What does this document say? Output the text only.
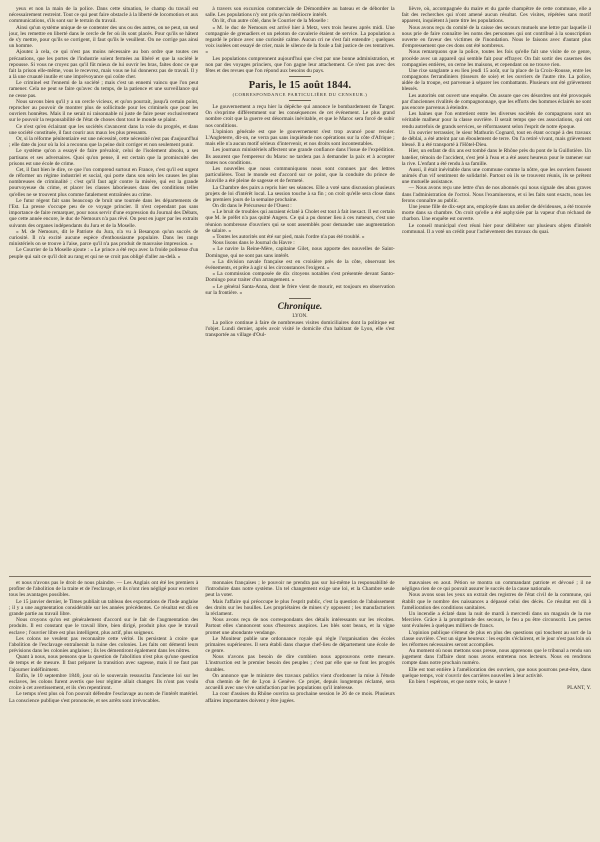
yeux et non la main de la police. Dans cette situation, le champ du travail est nécessairement restreint. Tout ce qui peut faire obstacle à la liberté de locomotion et aux communications, s'ils sont sur le terrain du travail.

Ainsi qu'un système unique de se contenter des uns ou des autres, on ne peut, un seul jour, les remettre en liberté dans le cercle de fer où ils sont placés. Pour qu'ils se hâtent de s'y mettre, pour qu'ils se corrigent, il faut qu'ils le veuillent. On ne corrige pas ainsi un homme.

Ajoutez à cela, ce qui n'est pas moins nécessaire au bon ordre que toutes ces précautions, que les portes de l'industrie soient fermées au libéré et que la société le repousse. Si vous ne croyez pas qu'il fût mieux de lui ouvrir les bras, faites donc ce que fait la prison elle-même, vous le recevrez, mais vous ne lui donnerez pas de travail. Il y a là une cruauté inutile et une imprévoyance qui coûte cher.

Le criminel est l'ennemi de la société ; mais c'est un ennemi vaincu que l'on peut ramener. Cela ne peut se faire qu'avec du temps, de la patience et une surveillance qui ne cesse pas.

Nous savons bien qu'il y a un cercle vicieux, et qu'on pourrait, jusqu'à certain point, reprocher au pouvoir de montrer plus de sollicitude pour les criminels que pour les ouvriers honnêtes. Mais il ne serait ni raisonnable ni juste de faire peser exclusivement sur le pouvoir la responsabilité de l'état de choses dont tout le monde se plaint.

Ce n'est qu'en éclairant que les sociétés s'avancent dans la voie du progrès, et dans une société constituée, il faut courir aux maux les plus pressants.

Or, si la réforme pénitentiaire est une nécessité, cette nécessité n'est pas d'aujourd'hui ; elle date du jour où la loi a reconnu que la peine doit corriger et non seulement punir.

Le système qu'on a essayé de faire prévaloir, celui de l'isolement absolu, a ses partisans et ses adversaires. Quoi qu'on pense, il est certain que la promiscuité des prisons est une école de crime.

Cet, il faut bien le dire, ce que l'on comprend surtout en France, c'est qu'il est urgent de réformer un régime industriel et social, qui porte dans son sein les causes les plus nombreuses de criminalité ; c'est qu'il faut agir contre la misère, qui est la grande pourvoyeuse du crime, et placer les classes laborieuses dans des conditions telles qu'elles ne se trouvent plus comme fatalement entraînées au crime.

Le futur régent fait sans beaucoup de bruit une tournée dans les départements de l'Est. La presse s'occupe peu de ce voyage princier. Il n'est cependant pas sans importance de faire remarquer, pour nous servir d'une expression du Journal des Débats, que cette année encore, le duc de Nemours n'a pas rêvé. On peut en juger par les extraits suivants des organes indépendants du Jura et de la Moselle.

« M. de Nemours, dit le Patriote du Jura, n'a vu à Besançon qu'un succès de curiosité. Il n'a excité aucune espèce d'enthousiasme populaire. Dans les rangs ministériels on se trouve à l'aise, parce qu'il n'a pas produit de mauvaise impression. »

Le Courrier de la Moselle ajoute : « Le prince a été reçu avec la froide politesse d'un peuple qui sait ce qu'il doit au rang et qui ne se croit pas obligé d'aller au-delà. »

à travers son excursion commerciale de Démonthère au bateau et de déborder la salle. Les populations n'y ont pris qu'un médiocre intérêt.

On lit, d'un autre côté, dans le Courrier de la Moselle :

« M. le duc de Nemours est arrivé hier à Metz, vers trois heures après midi. Une compagnie de grenadiers et un peloton de cavalerie étaient de service. La population a regardé le prince avec une curiosité calme. Aucun cri ne s'est fait entendre ; quelques voix isolées ont essayé de crier, mais le silence de la foule a fait justice de ces tentatives. »

Les populations comprennent aujourd'hui que c'est par une bonne administration, et non par des voyages princiers, que l'on gagne leur attachement. Ce n'est pas avec des fêtes et des revues que l'on répond aux besoins du pays.

Paris, le 15 août 1844.
(CORRESPONDANCE PARTICULIÈRE DU CENSEUR.)

Le gouvernement a reçu hier la dépêche qui annonce le bombardement de Tanger. On s'exprime différemment sur les conséquences de cet événement. Le plus grand nombre croit que la guerre est désormais inévitable, et que le Maroc sera forcé de subir nos conditions.

L'opinion générale est que le gouvernement s'est trop avancé pour reculer. L'Angleterre, dit-on, ne verra pas sans inquiétude nos opérations sur la côte d'Afrique ; mais elle n'a aucun motif sérieux d'intervenir, et nos droits sont incontestables.

Les journaux ministériels affectent une grande confiance dans l'issue de l'expédition. Ils assurent que l'empereur du Maroc ne tardera pas à demander la paix et à accepter toutes nos conditions.

Les nouvelles que nous communiquons nous sont connues par des lettres particulières. Tout le monde est d'accord sur ce point, que la conduite du prince de Joinville a été pleine de sagesse et de fermeté.

La Chambre des pairs a repris hier ses séances. Elle a voté sans discussion plusieurs projets de loi d'intérêt local. La session touche à sa fin ; on croit qu'elle sera close dans les premiers jours de la semaine prochaine.

On dit dans le Précurseur de l'Ouest :

« Le bruit de troubles qui auraient éclaté à Cholet est tout à fait inexact. Il est certain que M. le préfet n'a pas quitté Angers. Ce qui a pu donner lieu à ces rumeurs, c'est une réunion nombreuse d'ouvriers qui se sont assemblés pour demander une augmentation de salaire. »

« Toutes les autorités ont été sur pied, mais l'ordre n'a pas été troublé. »

Nous lisons dans le Journal du Havre :

« Le navire la Reine-Mère, capitaine Gilet, nous apporte des nouvelles de Saint-Domingue, qui ne sont pas sans intérêt.

« La division navale française est en croisière près de la côte, observant les événements, et prête à agir si les circonstances l'exigent. »

« La commission composée de dix citoyens notables s'est présentée devant Santo-Domingo pour traiter d'un arrangement. »

« Le général Santa-Anna, dont le frère vient de mourir, est toujours en observation sur la frontière. »

Chronique.
LYON.

La police continue à faire de nombreuses visites domiciliaires dont la politique est l'objet. Lundi dernier, après avoir visité le domicile d'un habitant de Lyon, elle s'est transportée au village d'Oul-

lièvre, où, accompagnée du maire et du garde champêtre de cette commune, elle a fait des recherches qui n'ont amené aucun résultat. Ces visites, répétées sans motif apparent, inquiètent à juste titre les populations.

Nous avons reçu du comité de la caisse des secours mutuels une lettre par laquelle il nous prie de faire connaître les noms des personnes qui ont contribué à la souscription ouverte en faveur des victimes de l'inondation. Nous le faisons avec d'autant plus d'empressement que ces dons ont été nombreux.

Nous remarquons que la police, toutes les fois qu'elle fait une visite de ce genre, procède avec un appareil qui semble fait pour effrayer. On fait sortir des casernes des compagnies entières, on cerne les maisons, et cependant on ne trouve rien.

Une rixe sanglante a eu lieu jeudi 15 août, sur la place de la Croix-Rousse, entre les compagnons ferrandiniers (tisseurs de soie) et les ouvriers de l'autre rite. La police, aidée de la troupe, est parvenue à séparer les combattants. Plusieurs ont été grièvement blessés.

Les autorités ont ouvert une enquête. On assure que ces désordres ont été provoqués par d'anciennes rivalités de compagnonnage, que les efforts des hommes éclairés ne sont pas encore parvenus à éteindre.

Les haines que l'on entretient entre les diverses sociétés de compagnons sont un véritable malheur pour la classe ouvrière. Il serait temps que ces associations, qui ont rendu autrefois de grands services, se réformassent selon l'esprit de notre époque.

Un ouvrier terrassier, le sieur Mathurin Cognard, tout en étant occupé à des travaux de déblai, a été atteint par un éboulement de terre. On l'a retiré vivant, mais grièvement blessé. Il a été transporté à l'Hôtel-Dieu.

Hier, un enfant de dix ans est tombé dans le Rhône près du pont de la Guillotière. Un batelier, témoin de l'accident, s'est jeté à l'eau et a été assez heureux pour le ramener sur la rive. L'enfant a été rendu à sa famille.

Aussi, il était inévitable dans une commune comme la nôtre, que les ouvriers fussent animés d'un vif sentiment de solidarité. Partout où ils se trouvent réunis, ils se prêtent une mutuelle assistance.

— Nous avons reçu une lettre d'un de nos abonnés qui nous signale des abus graves dans l'administration de l'octroi. Nous l'examinerons, et si les faits sont exacts, nous les ferons connaître au public.

Une jeune fille de dix-sept ans, employée dans un atelier de dévideuses, a été trouvée morte dans sa chambre. On croit qu'elle a été asphyxiée par la vapeur d'un réchaud de charbon. Une enquête est ouverte.

Le conseil municipal s'est réuni hier pour délibérer sur plusieurs objets d'intérêt communal. Il a voté un crédit pour l'achèvement des travaux du quai.

et nous n'avons pas le droit de nous plaindre. — Les Anglais ont été les premiers à profiter de l'abolition de la traite et de l'esclavage, et ils n'ont rien négligé pour en retirer tous les avantages possibles.

Le 15 janvier dernier, le Times publiait un tableau des exportations de l'Inde anglaise ; il y a une augmentation considérable sur les années précédentes. Ce résultat est dû en grande partie au travail libre.

Nous croyons qu'on est généralement d'accord sur le fait de l'augmentation des produits. Il est constant que le travail libre, bien dirigé, produit plus que le travail esclave ; l'ouvrier libre est plus intelligent, plus actif, plus soigneux.

Les colons ne veulent pas reconnaître cette vérité. Ils persistent à croire que l'abolition de l'esclavage entraînerait la ruine des colonies. Les faits ont démenti leurs prévisions dans les colonies anglaises ; ils les démentiront également dans les nôtres.

Quant à nous, nous pensons que la question de l'abolition n'est plus qu'une question de temps et de mesure. Il faut préparer la transition avec sagesse, mais il ne faut pas l'ajourner indéfiniment.

Enfin, le 10 septembre 1840, jour où le souverain ressuscita l'ancienne loi sur les esclaves, les colons furent avertis que leur régime allait changer. Ils n'ont pas voulu croire à cet avertissement, et ils s'en repentiront.

Le temps n'est plus où l'on pouvait défendre l'esclavage au nom de l'intérêt matériel. La conscience publique s'est prononcée, et ses arrêts sont irrévocables.

monnaies françaises ; le pouvoir ne prendra pas sur lui-même la responsabilité de l'introduire dans notre système. Un tel changement exige une loi, et la Chambre seule peut la voter.

Mais l'affaire qui préoccupe le plus l'esprit public, c'est la question de l'abaissement des droits sur les houilles. Les propriétaires de mines s'y opposent ; les manufacturiers la réclament.

Nous avons reçu de nos correspondants des détails intéressants sur les récoltes. Partout elles s'annoncent sous d'heureux auspices. Les blés sont beaux, et la vigne promet une abondante vendange.

Le Moniteur publie une ordonnance royale qui règle l'organisation des écoles primaires supérieures. Il sera établi dans chaque chef-lieu de département une école de ce genre.

Nous n'avons pas besoin de dire combien nous approuvons cette mesure. L'instruction est le premier besoin des peuples ; c'est par elle que se font les progrès durables.

On annonce que le ministre des travaux publics vient d'ordonner la mise à l'étude d'un chemin de fer de Lyon à Genève. Ce projet, depuis longtemps réclamé, sera accueilli avec une vive satisfaction par les populations qu'il intéresse.

La cour d'assises du Rhône ouvrira sa prochaine session le 26 de ce mois. Plusieurs affaires importantes doivent y être jugées.

mauvaises en aout. Pétion se montra un commandant patriote et dévoué ; il ne négligea rien de ce qui pouvait assurer le succès de la cause nationale.

Nous avons sous les yeux un extrait des registres de l'état civil de la commune, qui établit que le nombre des naissances a dépassé celui des décès. Ce résultat est dû à l'amélioration des conditions sanitaires.

Un incendie a éclaté dans la nuit de mardi à mercredi dans un magasin de la rue Mercière. Grâce à la promptitude des secours, le feu a pu être circonscrit. Les pertes sont évaluées à quelques milliers de francs.

L'opinion publique s'émeut de plus en plus des questions qui touchent au sort de la classe ouvrière. C'est un signe heureux : les esprits s'éclairent, et le jour n'est pas loin où les réformes nécessaires seront accomplies.

Au moment où nous mettons sous presse, nous apprenons que le tribunal a rendu son jugement dans l'affaire dont nous avons entretenu nos lecteurs. Nous en rendrons compte dans notre prochain numéro.

Elle est tout entière à l'amélioration des ouvriers, que nous pourrons peut-être, dans quelque temps, voir s'ouvrir des carrières nouvelles à leur activité.

En bien ! espérons, et que notre voix, le sauve !

PLANT, Y.
